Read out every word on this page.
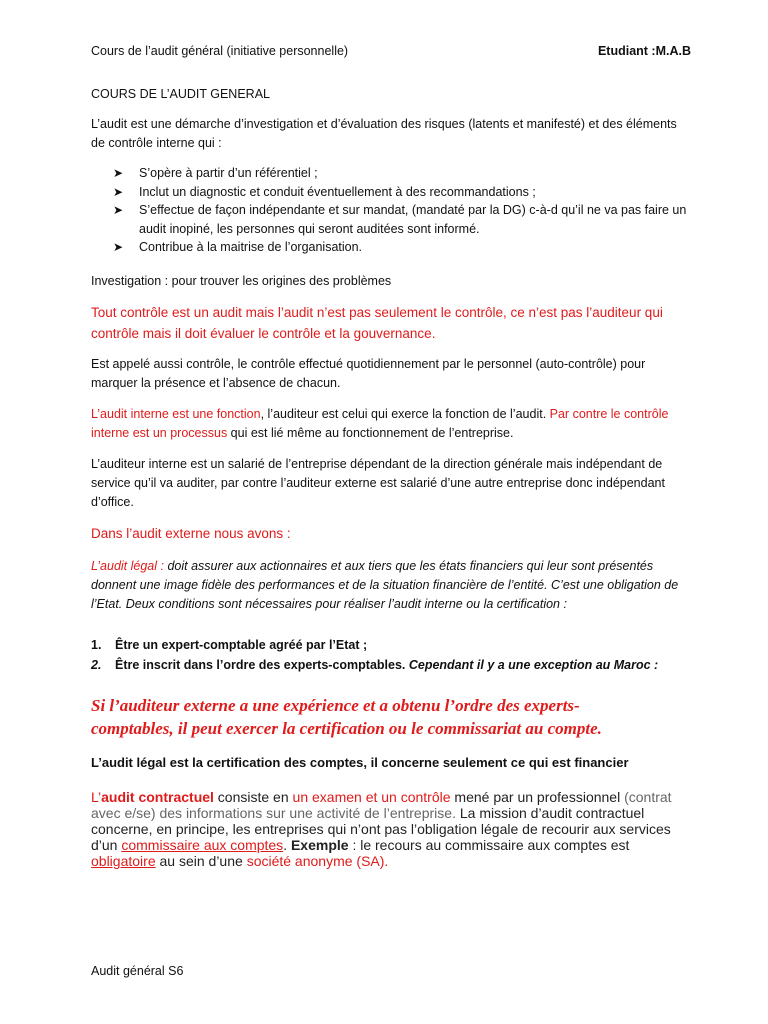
Cours de l’audit général (initiative personnelle)	Etudiant :M.A.B
COURS DE L’AUDIT GENERAL
L’audit est une démarche d’investigation et d’évaluation des risques (latents et manifesté) et des éléments de contrôle interne qui :
➤ S’opère à partir d’un référentiel ;
➤ Inclut un diagnostic et conduit éventuellement à des recommandations ;
➤ S’effectue de façon indépendante et sur mandat, (mandaté par la DG) c-à-d qu’il ne va pas faire un audit inopiné, les personnes qui seront auditées sont informé.
➤ Contribue à la maitrise de l’organisation.
Investigation : pour trouver les origines des problèmes
Tout contrôle est un audit mais l’audit n’est pas seulement le contrôle, ce n’est pas l’auditeur qui contrôle mais il doit évaluer le contrôle et la gouvernance.
Est appelé aussi contrôle, le contrôle effectué quotidiennement par le personnel (auto-contrôle) pour marquer la présence et l’absence de chacun.
L’audit interne est une fonction, l’auditeur est celui qui exerce la fonction de l’audit. Par contre le contrôle interne est un processus qui est lié même au fonctionnement de l’entreprise.
L’auditeur interne est un salarié de l’entreprise dépendant de la direction générale mais indépendant de service qu’il va auditer, par contre l’auditeur externe est salarié d’une autre entreprise donc indépendant d’office.
Dans l’audit externe nous avons :
L’audit légal : doit assurer aux actionnaires et aux tiers que les états financiers qui leur sont présentés donnent une image fidèle des performances et de la situation financière de l’entité. C’est une obligation de l’Etat. Deux conditions sont nécessaires pour réaliser l’audit interne ou la certification :
1. Être un expert-comptable agréé par l’Etat ;
2. Être inscrit dans l’ordre des experts-comptables. Cependant il y a une exception au Maroc :
Si l’auditeur externe a une expérience et a obtenu l’ordre des experts-comptables, il peut exercer la certification ou le commissariat au compte.
L’audit légal est la certification des comptes, il concerne seulement ce qui est financier
L’audit contractuel consiste en un examen et un contrôle mené par un professionnel (contrat avec e/se) des informations sur une activité de l’entreprise. La mission d’audit contractuel concerne, en principe, les entreprises qui n’ont pas l’obligation légale de recourir aux services d’un commissaire aux comptes. Exemple : le recours au commissaire aux comptes est obligatoire au sein d’une société anonyme (SA).
Audit général S6
